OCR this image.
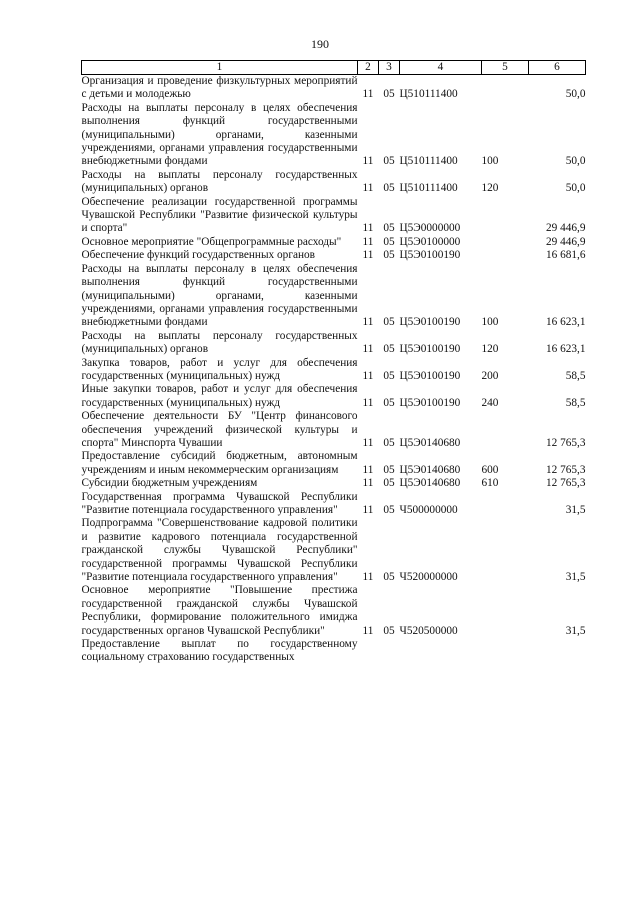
190
1	2	3	4	5	6
Организация и проведение физкультурных мероприятий с детьми и молодежью	11	05	Ц510111400		50,0
Расходы на выплаты персоналу в целях обеспечения выполнения функций государственными (муниципальными) органами, казенными учреждениями, органами управления государственными внебюджетными фондами	11	05	Ц510111400	100	50,0
Расходы на выплаты персоналу государственных (муниципальных) органов	11	05	Ц510111400	120	50,0
Обеспечение реализации государственной программы Чувашской Республики "Развитие физической культуры и спорта"	11	05	Ц5Э0000000		29 446,9
Основное мероприятие "Общепрограммные расходы"	11	05	Ц5Э0100000		29 446,9
Обеспечение функций государственных органов	11	05	Ц5Э0100190		16 681,6
Расходы на выплаты персоналу в целях обеспечения выполнения функций государственными (муниципальными) органами, казенными учреждениями, органами управления государственными внебюджетными фондами	11	05	Ц5Э0100190	100	16 623,1
Расходы на выплаты персоналу государственных (муниципальных) органов	11	05	Ц5Э0100190	120	16 623,1
Закупка товаров, работ и услуг для обеспечения государственных (муниципальных) нужд	11	05	Ц5Э0100190	200	58,5
Иные закупки товаров, работ и услуг для обеспечения государственных (муниципальных) нужд	11	05	Ц5Э0100190	240	58,5
Обеспечение деятельности БУ "Центр финансового обеспечения учреждений физической культуры и спорта" Минспорта Чувашии	11	05	Ц5Э0140680		12 765,3
Предоставление субсидий бюджетным, автономным учреждениям и иным некоммерческим организациям	11	05	Ц5Э0140680	600	12 765,3
Субсидии бюджетным учреждениям	11	05	Ц5Э0140680	610	12 765,3
Государственная программа Чувашской Республики "Развитие потенциала государственного управления"	11	05	Ч500000000		31,5
Подпрограмма "Совершенствование кадровой политики и развитие кадрового потенциала государственной гражданской службы Чувашской Республики" государственной программы Чувашской Республики "Развитие потенциала государственного управления"	11	05	Ч520000000		31,5
Основное мероприятие "Повышение престижа государственной гражданской службы Чувашской Республики, формирование положительного имиджа государственных органов Чувашской Республики"	11	05	Ч520500000		31,5
Предоставление выплат по государственному социальному страхованию государственных					
